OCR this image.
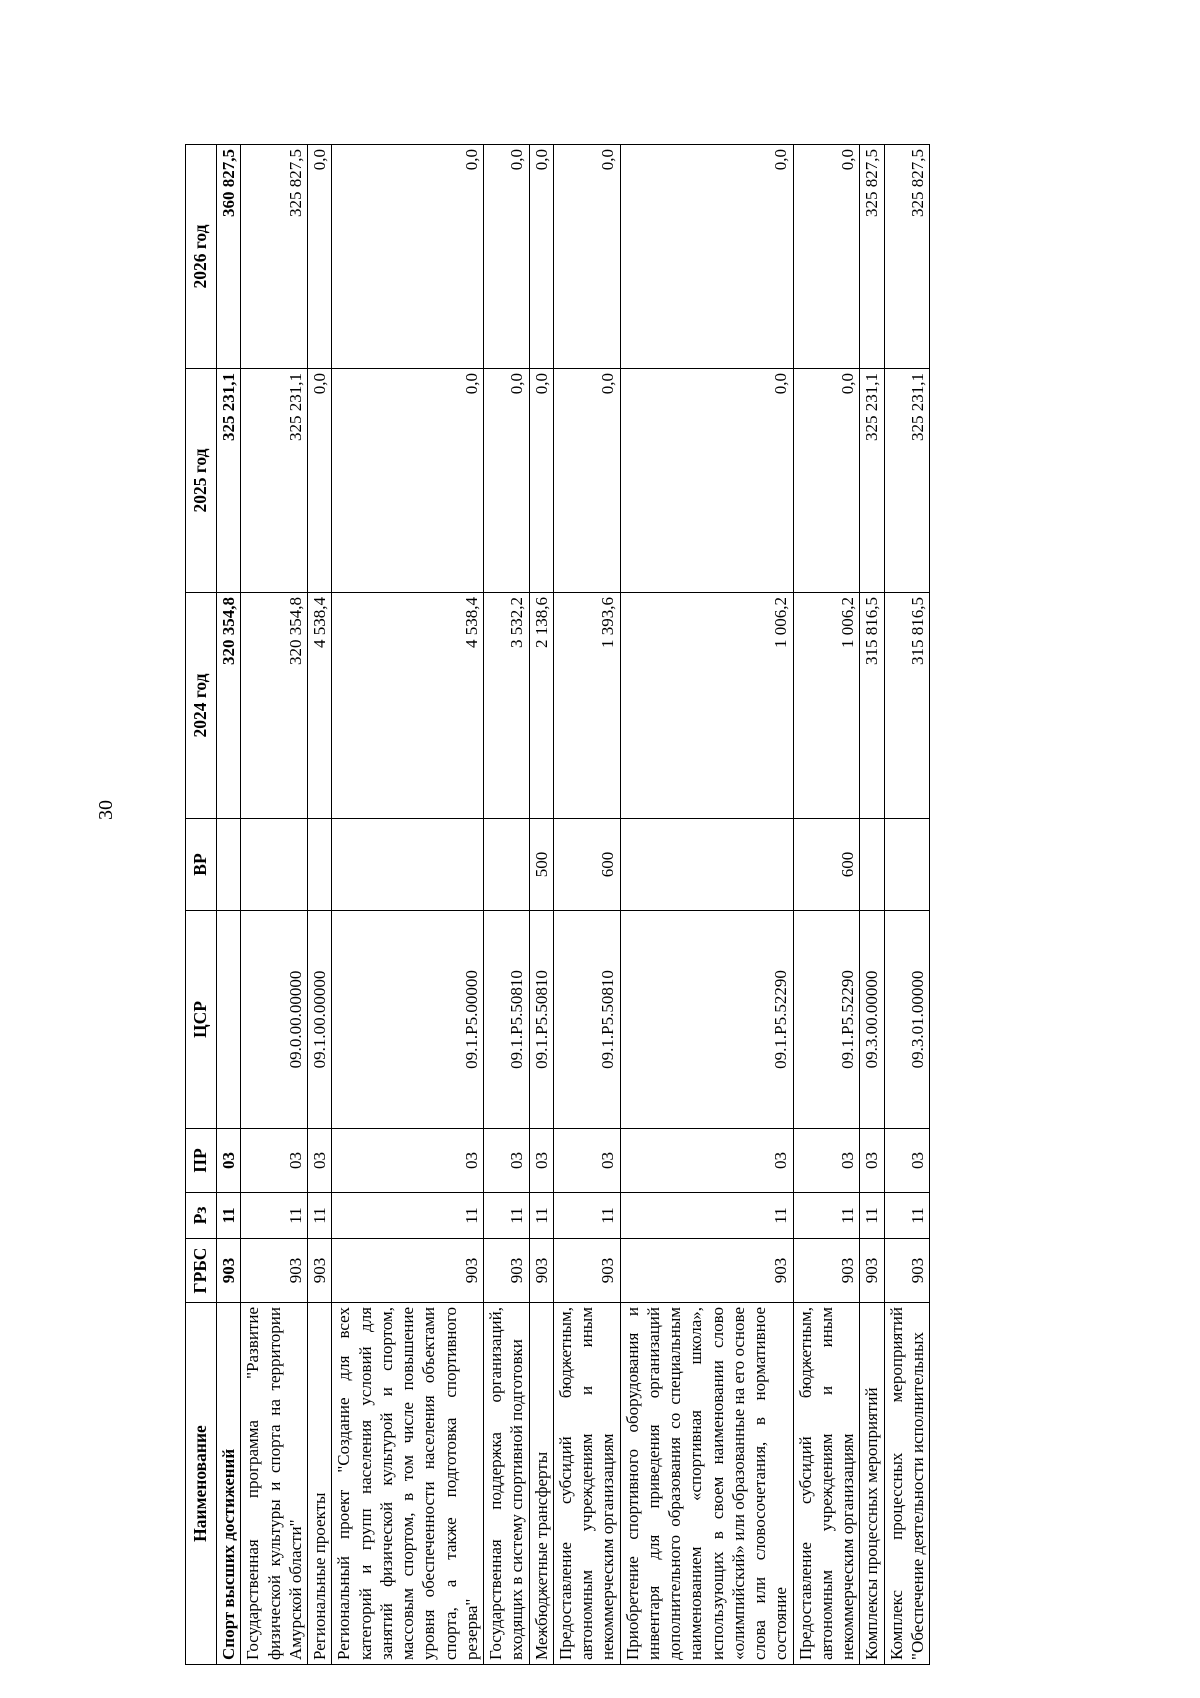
30
Наименование	ГРБС	Рз	ПР	ЦСР	ВР	2024 год	2025 год	2026 год
Спорт высших достижений	903	11	03			320 354,8	325 231,1	360 827,5
Государственная программа "Развитие физической культуры и спорта на территории Амурской области"	903	11	03	09.0.00.00000		320 354,8	325 231,1	325 827,5
Региональные проекты	903	11	03	09.1.00.00000		4 538,4	0,0	0,0
Региональный проект "Создание для всех категорий и групп населения условий для занятий физической культурой и спортом, массовым спортом, в том числе повышение уровня обеспеченности населения объектами спорта, а также подготовка спортивного резерва"	903	11	03	09.1.P5.00000		4 538,4	0,0	0,0
Государственная поддержка организаций, входящих в систему спортивной подготовки	903	11	03	09.1.P5.50810		3 532,2	0,0	0,0
Межбюджетные трансферты	903	11	03	09.1.P5.50810	500	2 138,6	0,0	0,0
Предоставление субсидий бюджетным, автономным учреждениям и иным некоммерческим организациям	903	11	03	09.1.P5.50810	600	1 393,6	0,0	0,0
Приобретение спортивного оборудования и инвентаря для приведения организаций дополнительного образования со специальным наименованием «спортивная школа», использующих в своем наименовании слово «олимпийский» или образованные на его основе слова или словосочетания, в нормативное состояние	903	11	03	09.1.P5.52290		1 006,2	0,0	0,0
Предоставление субсидий бюджетным, автономным учреждениям и иным некоммерческим организациям	903	11	03	09.1.P5.52290	600	1 006,2	0,0	0,0
Комплексы процессных мероприятий	903	11	03	09.3.00.00000		315 816,5	325 231,1	325 827,5
Комплекс процессных мероприятий "Обеспечение деятельности исполнительных	903	11	03	09.3.01.00000		315 816,5	325 231,1	325 827,5
